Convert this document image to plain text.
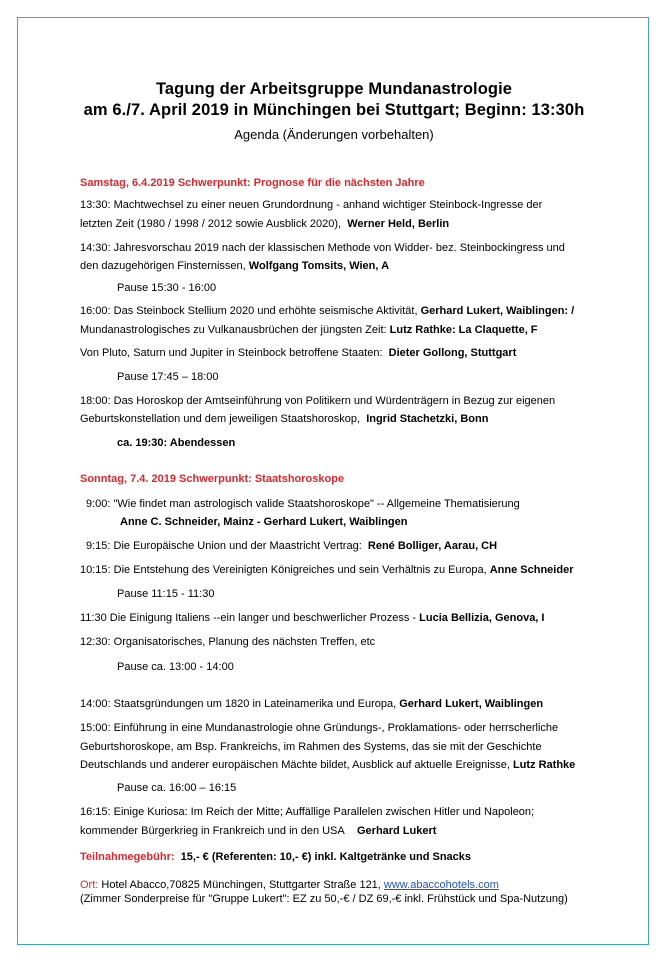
Tagung der Arbeitsgruppe Mundanastrologie
am 6./7. April 2019 in Münchingen bei Stuttgart; Beginn: 13:30h
Agenda (Änderungen vorbehalten)
Samstag, 6.4.2019 Schwerpunkt: Prognose für die nächsten Jahre
13:30: Machtwechsel zu einer neuen Grundordnung - anhand wichtiger Steinbock-Ingresse der
letzten Zeit (1980 / 1998 / 2012 sowie Ausblick 2020), Werner Held, Berlin
14:30: Jahresvorschau 2019 nach der klassischen Methode von Widder- bez. Steinbockingress und
den dazugehörigen Finsternissen, Wolfgang Tomsits, Wien, A
Pause 15:30 - 16:00
16:00: Das Steinbock Stellium 2020 und erhöhte seismische Aktivität, Gerhard Lukert, Waiblingen: /
Mundanastrologisches zu Vulkanausbrüchen der jüngsten Zeit: Lutz Rathke: La Claquette, F
Von Pluto, Saturn und Jupiter in Steinbock betroffene Staaten: Dieter Gollong, Stuttgart
Pause 17:45 – 18:00
18:00: Das Horoskop der Amtseinführung von Politikern und Würdenträgern in Bezug zur eigenen
Geburtskonstellation und dem jeweiligen Staatshoroskop, Ingrid Stachetzki, Bonn
ca. 19:30: Abendessen
Sonntag, 7.4. 2019 Schwerpunkt: Staatshoroskope
9:00: "Wie findet man astrologisch valide Staatshoroskope" -- Allgemeine Thematisierung
Anne C. Schneider, Mainz - Gerhard Lukert, Waiblingen
9:15: Die Europäische Union und der Maastricht Vertrag: René Bolliger, Aarau, CH
10:15: Die Entstehung des Vereinigten Königreiches und sein Verhältnis zu Europa, Anne Schneider
Pause 11:15 - 11:30
11:30 Die Einigung Italiens --ein langer und beschwerlicher Prozess - Lucia Bellizia, Genova, I
12:30: Organisatorisches, Planung des nächsten Treffen, etc
Pause ca. 13:00 - 14:00
14:00: Staatsgründungen um 1820 in Lateinamerika und Europa, Gerhard Lukert, Waiblingen
15:00: Einführung in eine Mundanastrologie ohne Gründungs-, Proklamations- oder herrscherliche
Geburtshoroskope, am Bsp. Frankreichs, im Rahmen des Systems, das sie mit der Geschichte
Deutschlands und anderer europäischen Mächte bildet, Ausblick auf aktuelle Ereignisse, Lutz Rathke
Pause ca. 16:00 – 16:15
16:15: Einige Kuriosa: Im Reich der Mitte; Auffällige Parallelen zwischen Hitler und Napoleon;
kommender Bürgerkrieg in Frankreich und in den USA Gerhard Lukert
Teilnahmegebühr: 15,- € (Referenten: 10,- €) inkl. Kaltgetränke und Snacks
Ort: Hotel Abacco,70825 Münchingen, Stuttgarter Straße 121, www.abaccohotels.com
(Zimmer Sonderpreise für "Gruppe Lukert": EZ zu 50,-€ / DZ 69,-€ inkl. Frühstück und Spa-Nutzung)
